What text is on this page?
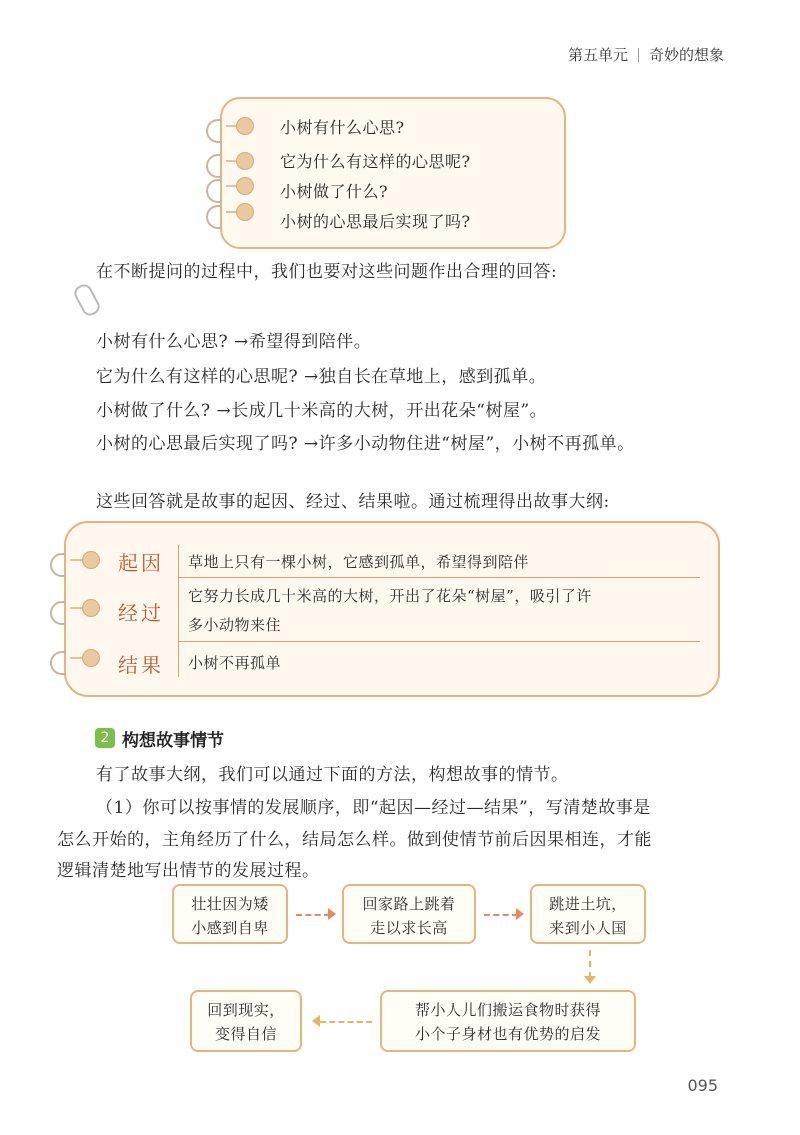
第五单元 奇妙的想象
小树有什么心思?
它为什么有这样的心思呢?
小树做了什么?
小树的心思最后实现了吗?
在不断提问的过程中，我们也要对这些问题作出合理的回答:
小树有什么心思? →希望得到陪伴。
它为什么有这样的心思呢? →独自长在草地上，感到孤单。
小树做了什么? →长成几十米高的大树，开出花朵“树屋”。
小树的心思最后实现了吗? →许多小动物住进“树屋”，小树不再孤单。
这些回答就是故事的起因、经过、结果啦。通过梳理得出故事大纲:
起因	草地上只有一棵小树，它感到孤单，希望得到陪伴
经过
它努力长成几十米高的大树，开出了花朵“树屋”，吸引了许
多小动物来住
结果	小树不再孤单
2 构想故事情节
有了故事大纲，我们可以通过下面的方法，构想故事的情节。
（1）你可以按事情的发展顺序，即“起因—经过—结果”，写清楚故事是
怎么开始的，主角经历了什么，结局怎么样。做到使情节前后因果相连，才能
逻辑清楚地写出情节的发展过程。
壮壮因为矮
小感到自卑
回家路上跳着
走以求长高
跳进土坑，
来到小人国
帮小人儿们搬运食物时获得
小个子身材也有优势的启发
回到现实，
变得自信
095
